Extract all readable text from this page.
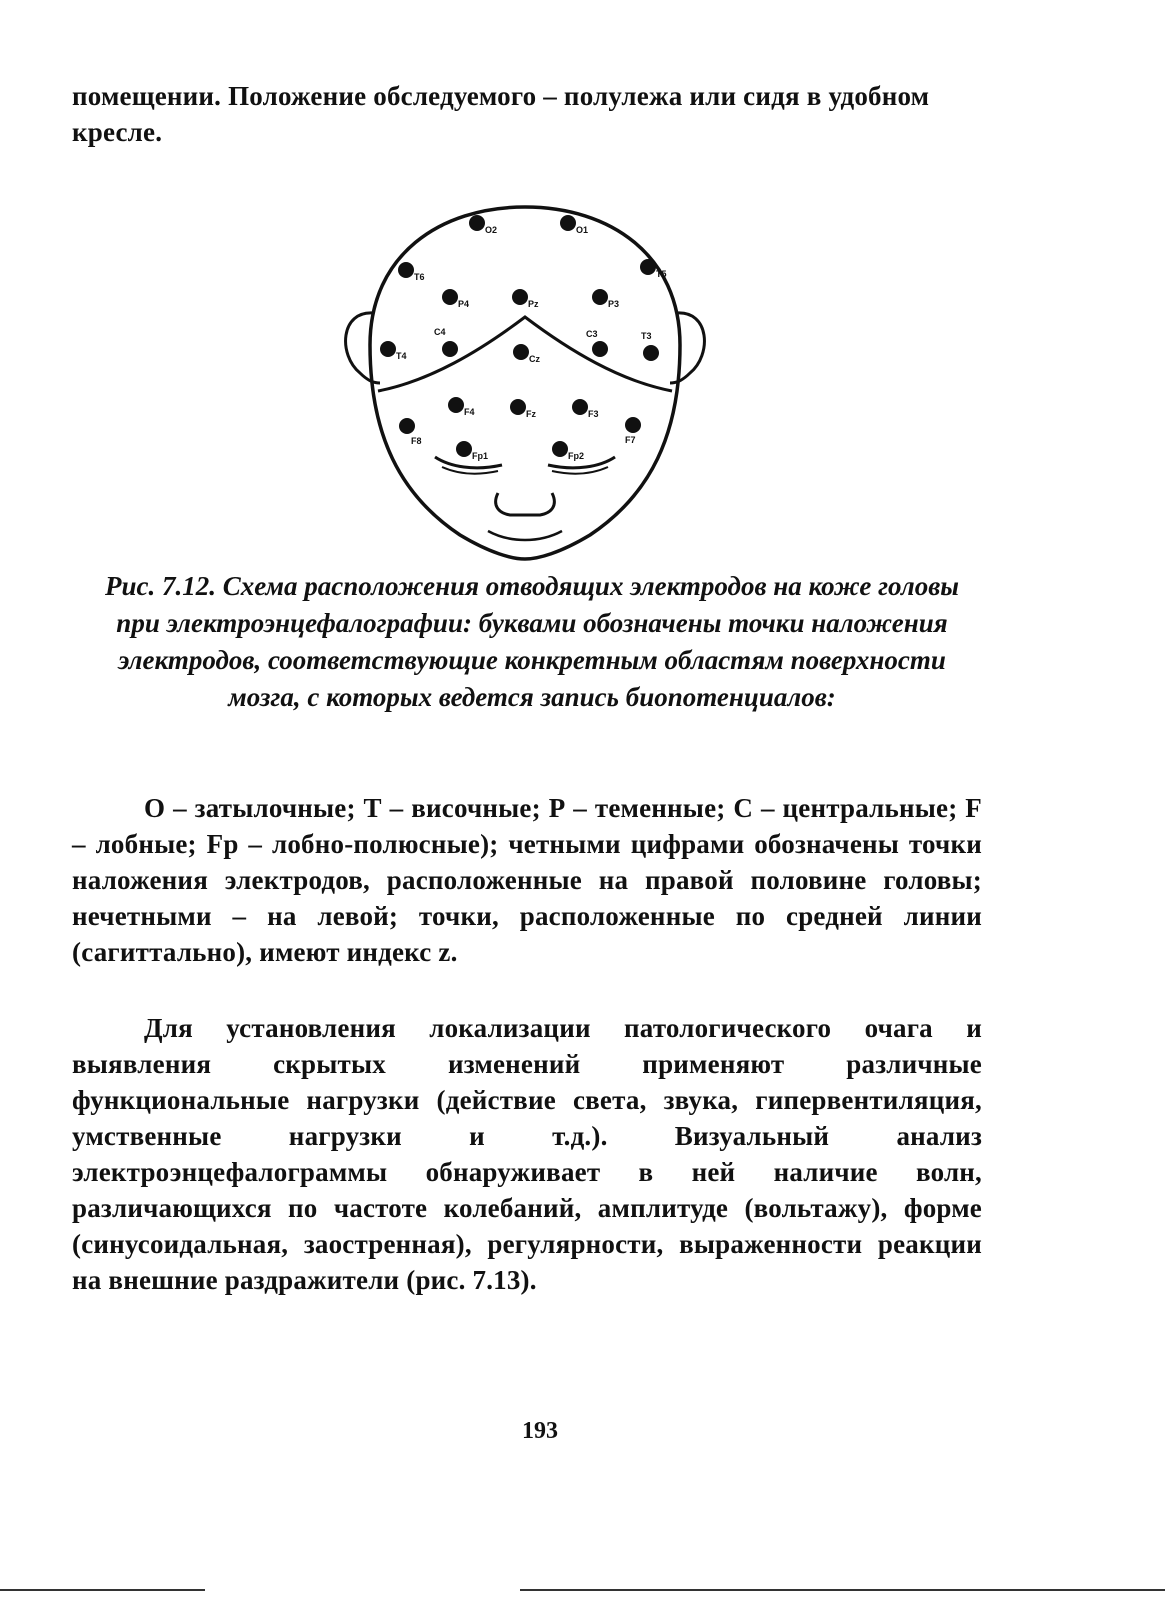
помещении. Положение обследуемого – полулежа или сидя в удобном кресле.
O2	O1
T6	T5
P4	Pz	P3
C4
T4	Cz
C3	T3
F4	Fz	F3
F8	F7
Fp1	Fp2
Рис. 7.12. Схема расположения отводящих электродов на коже головы при электроэнцефалографии: буквами обозначены точки наложения электродов, соответствующие конкретным областям поверхности мозга, с которых ведется запись биопотенциалов:
О – затылочные; Т – височные; Р – теменные; С – центральные; F – лобные; Fp – лобно-полюсные); четными цифрами обозначены точки наложения электродов, расположенные на правой половине головы; нечетными – на левой; точки, расположенные по средней линии (сагиттально), имеют индекс z.
Для установления локализации патологического очага и выявления скрытых изменений применяют различные функциональные нагрузки (действие света, звука, гипервентиляция, умственные нагрузки и т.д.). Визуальный анализ электроэнцефалограммы обнаруживает в ней наличие волн, различающихся по частоте колебаний, амплитуде (вольтажу), форме (синусоидальная, заостренная), регулярности, выраженности реакции на внешние раздражители (рис. 7.13).
193
